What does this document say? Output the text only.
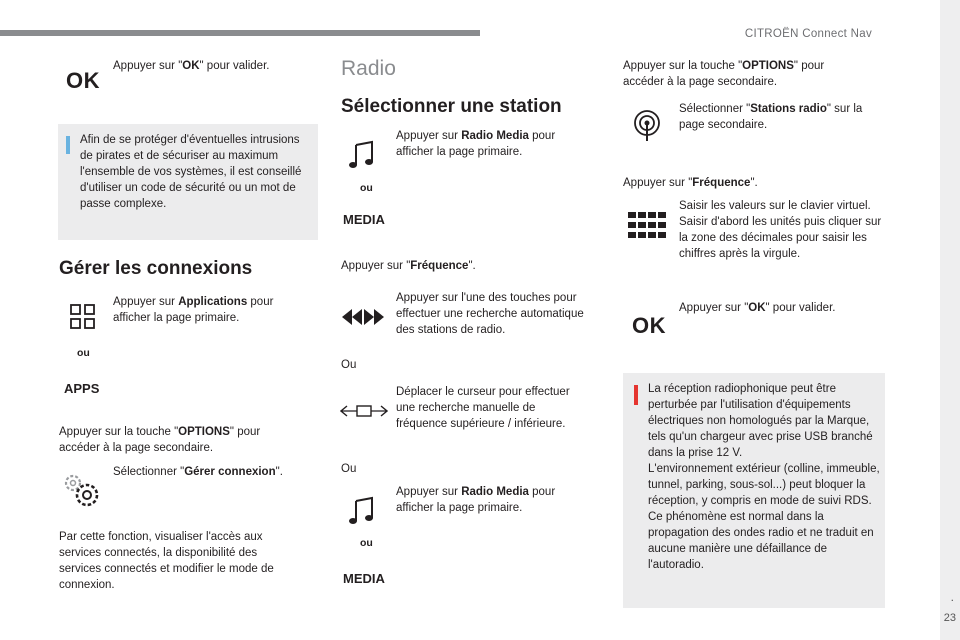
CITROËN Connect Nav
.
23
OK
Appuyer sur "OK" pour valider.
Afin de se protéger d'éventuelles intrusions de pirates et de sécuriser au maximum l'ensemble de vos systèmes, il est conseillé d'utiliser un code de sécurité ou un mot de passe complexe.
Gérer les connexions
ou
APPS
Appuyer sur Applications pour afficher la page primaire.
Appuyer sur la touche "OPTIONS" pour accéder à la page secondaire.
Sélectionner "Gérer connexion".
Par cette fonction, visualiser l'accès aux services connectés, la disponibilité des services connectés et modifier le mode de connexion.
Radio
Sélectionner une station
ou
MEDIA
Appuyer sur Radio Media pour afficher la page primaire.
Appuyer sur "Fréquence".
Appuyer sur l'une des touches pour effectuer une recherche automatique des stations de radio.
Ou
Déplacer le curseur pour effectuer une recherche manuelle de fréquence supérieure / inférieure.
Ou
ou
MEDIA
Appuyer sur Radio Media pour afficher la page primaire.
Appuyer sur la touche "OPTIONS" pour accéder à la page secondaire.
Sélectionner "Stations radio" sur la page secondaire.
Appuyer sur "Fréquence".
Saisir les valeurs sur le clavier virtuel.
Saisir d'abord les unités puis cliquer sur la zone des décimales pour saisir les chiffres après la virgule.
OK
Appuyer sur "OK" pour valider.
La réception radiophonique peut être perturbée par l'utilisation d'équipements électriques non homologués par la Marque, tels qu'un chargeur avec prise USB branché dans la prise 12 V.
L'environnement extérieur (colline, immeuble, tunnel, parking, sous-sol...) peut bloquer la réception, y compris en mode de suivi RDS. Ce phénomène est normal dans la propagation des ondes radio et ne traduit en aucune manière une défaillance de l'autoradio.
